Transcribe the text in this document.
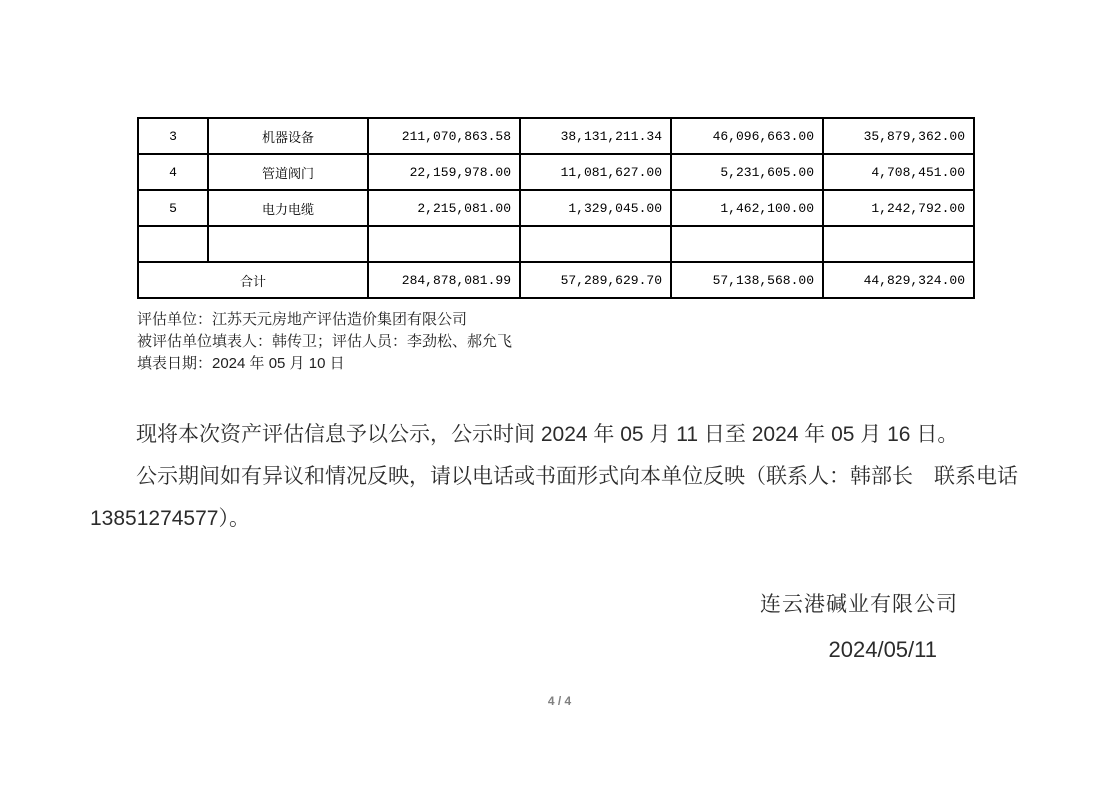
3	机器设备	211,070,863.58	38,131,211.34	46,096,663.00	35,879,362.00
4	管道阀门	22,159,978.00	11,081,627.00	5,231,605.00	4,708,451.00
5	电力电缆	2,215,081.00	1,329,045.00	1,462,100.00	1,242,792.00

合计		284,878,081.99	57,289,629.70	57,138,568.00	44,829,324.00
评估单位：江苏天元房地产评估造价集团有限公司
被评估单位填表人：韩传卫；评估人员：李劲松、郝允飞
填表日期：2024 年 05 月 10 日
现将本次资产评估信息予以公示，公示时间 2024 年 05 月 11 日至 2024 年 05 月 16 日。
公示期间如有异议和情况反映，请以电话或书面形式向本单位反映（联系人：韩部长　联系电话
13851274577）。
连云港碱业有限公司
2024/05/11
4 / 4
